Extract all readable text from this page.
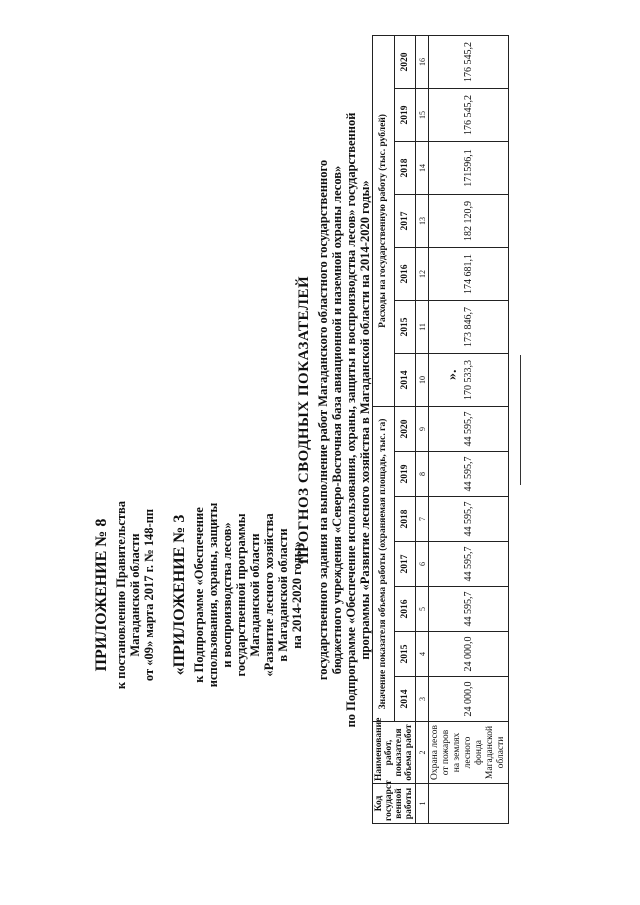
ПРИЛОЖЕНИЕ № 8 к постановлению Правительства Магаданской области от «09» марта 2017 г. № 148-пп «ПРИЛОЖЕНИЕ № 3 к Подпрограмме «Обеспечение использования, охраны, защиты и воспроизводства лесов» государственной программы Магаданской области «Развитие лесного хозяйства в Магаданской области на 2014-2020 годы»
ПРОГНОЗ СВОДНЫХ ПОКАЗАТЕЛЕЙ государственного задания на выполнение работ Магаданского областного государственного бюджетного учреждения «Северо-Восточная база авиационной и наземной охраны лесов» по Подпрограмме «Обеспечение использования, охраны, защиты и воспроизводства лесов» государственной программы «Развитие лесного хозяйства в Магаданской области на 2014-2020 годы»
Код государст венной работы	Наименование работ, показателя объема работ	Значение показателя объема работы (охраняемая площадь, тыс. га)							Расходы на государственную работу (тыс. рублей)						
		2014	2015	2016	2017	2018	2019	2020	2014	2015	2016	2017	2018	2019	2020
1	2	3	4	5	6	7	8	9	10	11	12	13	14	15	16
	Охрана лесов от пожаров на землях лесного фонда Магаданской области	24 000,0	24 000,0	44 595,7	44 595,7	44 595,7	44 595,7	44 595,7	170 533,3	173 846,7	174 681,1	182 120,9	171596,1	176 545,2	176 545,2
».
